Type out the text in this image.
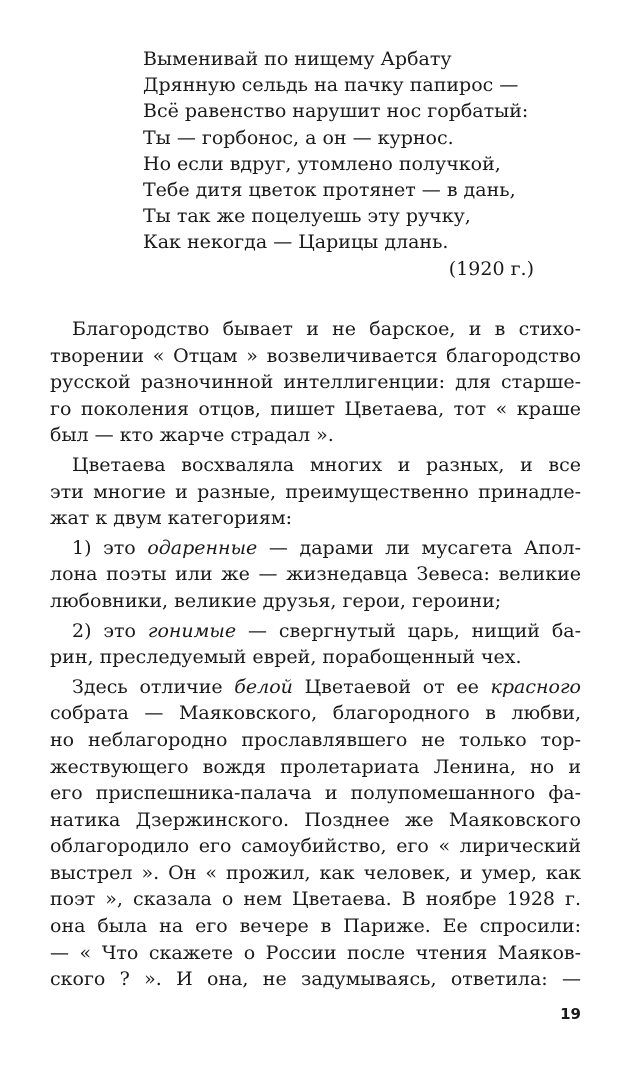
Выменивай по нищему Арбату
Дрянную сельдь на пачку папирос —
Всё равенство нарушит нос горбатый:
Ты — горбонос, а он — курнос.
Но если вдруг, утомлено получкой,
Тебе дитя цветок протянет — в дань,
Ты так же поцелуешь эту ручку,
Как некогда — Царицы длань.
(1920 г.)
Благородство бывает и не барское, и в стихо-
творении « Отцам » возвеличивается благородство
русской разночинной интеллигенции: для старше-
го поколения отцов, пишет Цветаева, тот « краше
был — кто жарче страдал ».
Цветаева восхваляла многих и разных, и все
эти многие и разные, преимущественно принадле-
жат к двум категориям:
1) это одаренные — дарами ли мусагета Апол-
лона поэты или же — жизнедавца Зевеса: великие
любовники, великие друзья, герои, героини;
2) это гонимые — свергнутый царь, нищий ба-
рин, преследуемый еврей, порабощенный чех.
Здесь отличие белой Цветаевой от ее красного
собрата — Маяковского, благородного в любви,
но неблагородно прославлявшего не только тор-
жествующего вождя пролетариата Ленина, но и
его приспешника-палача и полупомешанного фа-
натика Дзержинского. Позднее же Маяковского
облагородило его самоубийство, его « лирический
выстрел ». Он « прожил, как человек, и умер, как
поэт », сказала о нем Цветаева. В ноябре 1928 г.
она была на его вечере в Париже. Ее спросили:
— « Что скажете о России после чтения Маяков-
ского ? ». И она, не задумываясь, ответила: —
19
